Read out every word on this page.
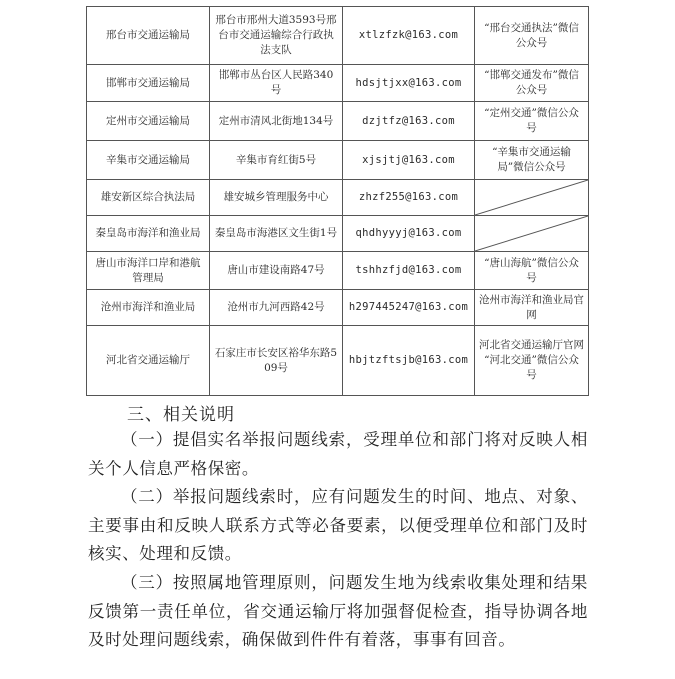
邢台市交通运输局	邢台市邢州大道3593号邢台市交通运输综合行政执法支队	xtlzfzk@163.com	“邢台交通执法”微信公众号
邯郸市交通运输局	邯郸市丛台区人民路340号	hdsjtjxx@163.com	“邯郸交通发布”微信公众号
定州市交通运输局	定州市清风北街地134号	dzjtfz@163.com	“定州交通”微信公众号
辛集市交通运输局	辛集市育红街5号	xjsjtj@163.com	“辛集市交通运输局”微信公众号
雄安新区综合执法局	雄安城乡管理服务中心	zhzf255@163.com	

秦皇岛市海洋和渔业局	秦皇岛市海港区文生街1号	qhdhyyyj@163.com	

唐山市海洋口岸和港航管理局	唐山市建设南路47号	tshhzfjd@163.com	“唐山海航”微信公众号
沧州市海洋和渔业局	沧州市九河西路42号	h297445247@163.com	沧州市海洋和渔业局官网
河北省交通运输厅	石家庄市长安区裕华东路509号	hbjtzftsjb@163.com	河北省交通运输厅官网 “河北交通”微信公众号
三、相关说明

（一）提倡实名举报问题线索，受理单位和部门将对反映人相关个人信息严格保密。

（二）举报问题线索时，应有问题发生的时间、地点、对象、主要事由和反映人联系方式等必备要素，以便受理单位和部门及时核实、处理和反馈。

（三）按照属地管理原则，问题发生地为线索收集处理和结果反馈第一责任单位，省交通运输厅将加强督促检查，指导协调各地及时处理问题线索，确保做到件件有着落，事事有回音。
